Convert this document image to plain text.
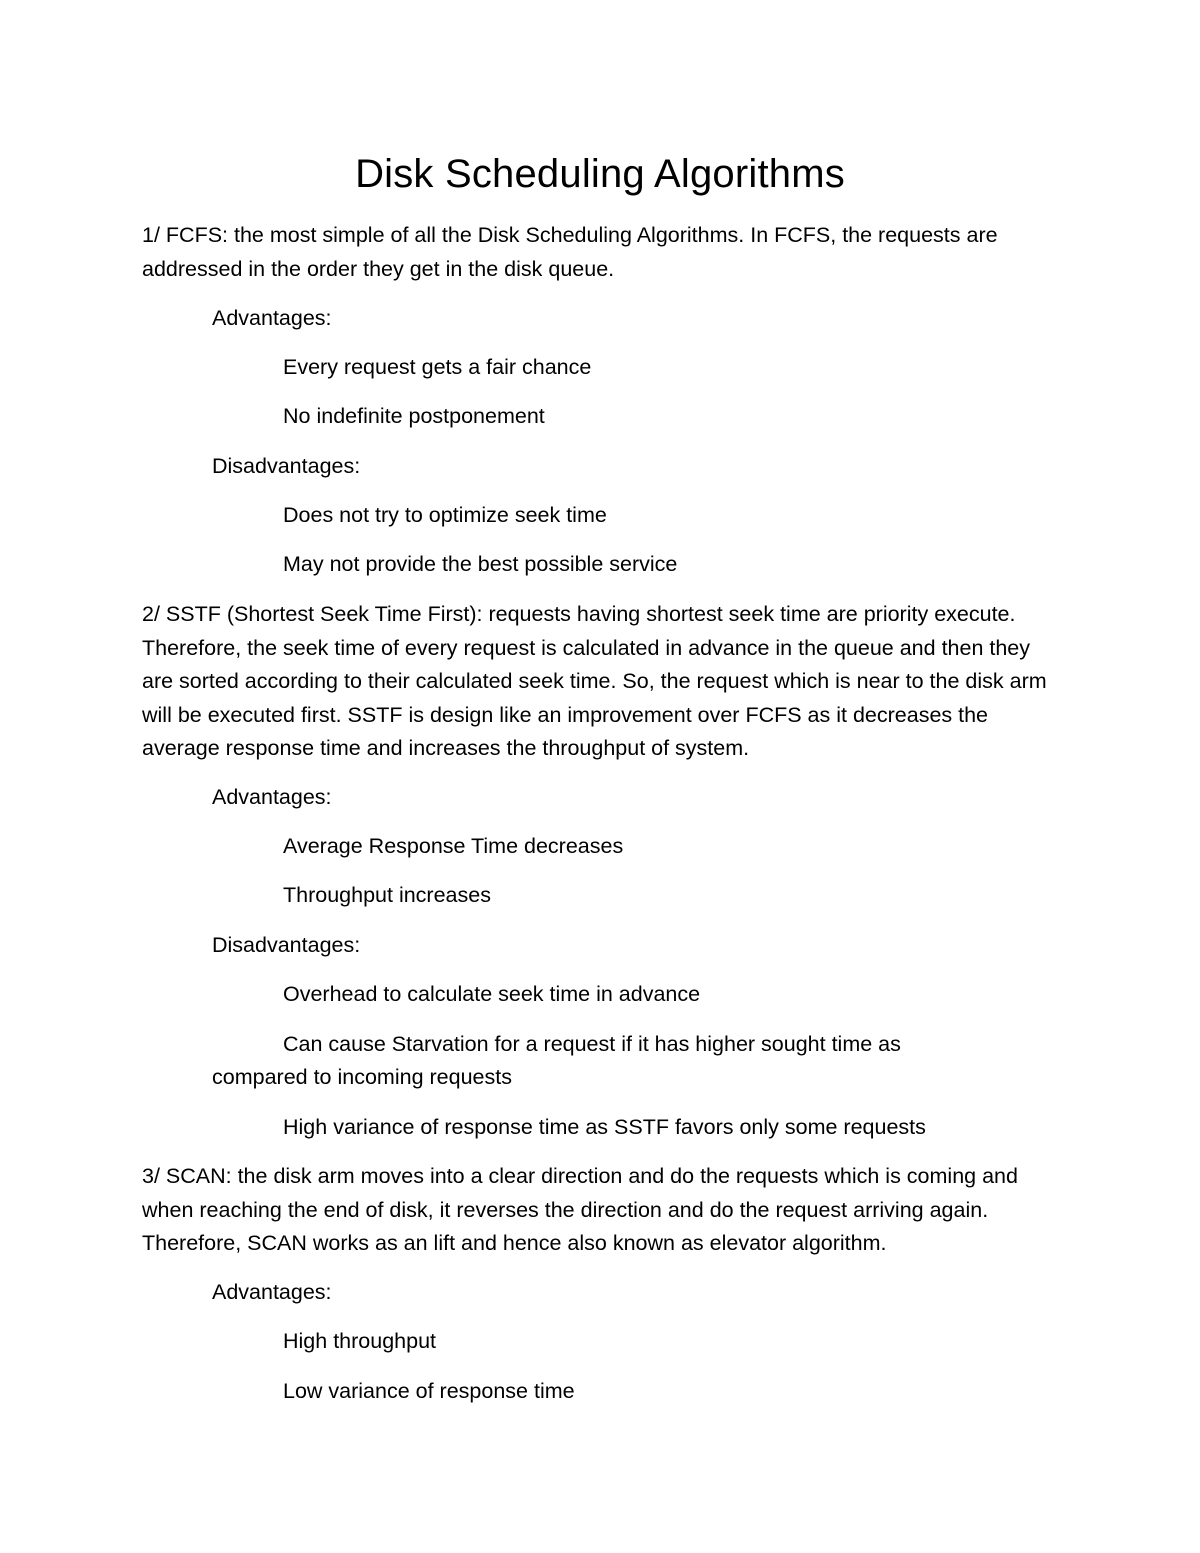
Disk Scheduling Algorithms

1/ FCFS: the most simple of all the Disk Scheduling Algorithms. In FCFS, the requests are addressed in the order they get in the disk queue.

Advantages:
Every request gets a fair chance
No indefinite postponement
Disadvantages:
Does not try to optimize seek time
May not provide the best possible service

2/ SSTF (Shortest Seek Time First): requests having shortest seek time are priority execute. Therefore, the seek time of every request is calculated in advance in the queue and then they are sorted according to their calculated seek time. So, the request which is near to the disk arm will be executed first. SSTF is design like an improvement over FCFS as it decreases the average response time and increases the throughput of system.

Advantages:
Average Response Time decreases
Throughput increases
Disadvantages:
Overhead to calculate seek time in advance
Can cause Starvation for a request if it has higher sought time as
compared to incoming requests
High variance of response time as SSTF favors only some requests

3/ SCAN: the disk arm moves into a clear direction and do the requests which is coming and when reaching the end of disk, it reverses the direction and do the request arriving again. Therefore, SCAN works as an lift and hence also known as elevator algorithm.

Advantages:
High throughput
Low variance of response time
